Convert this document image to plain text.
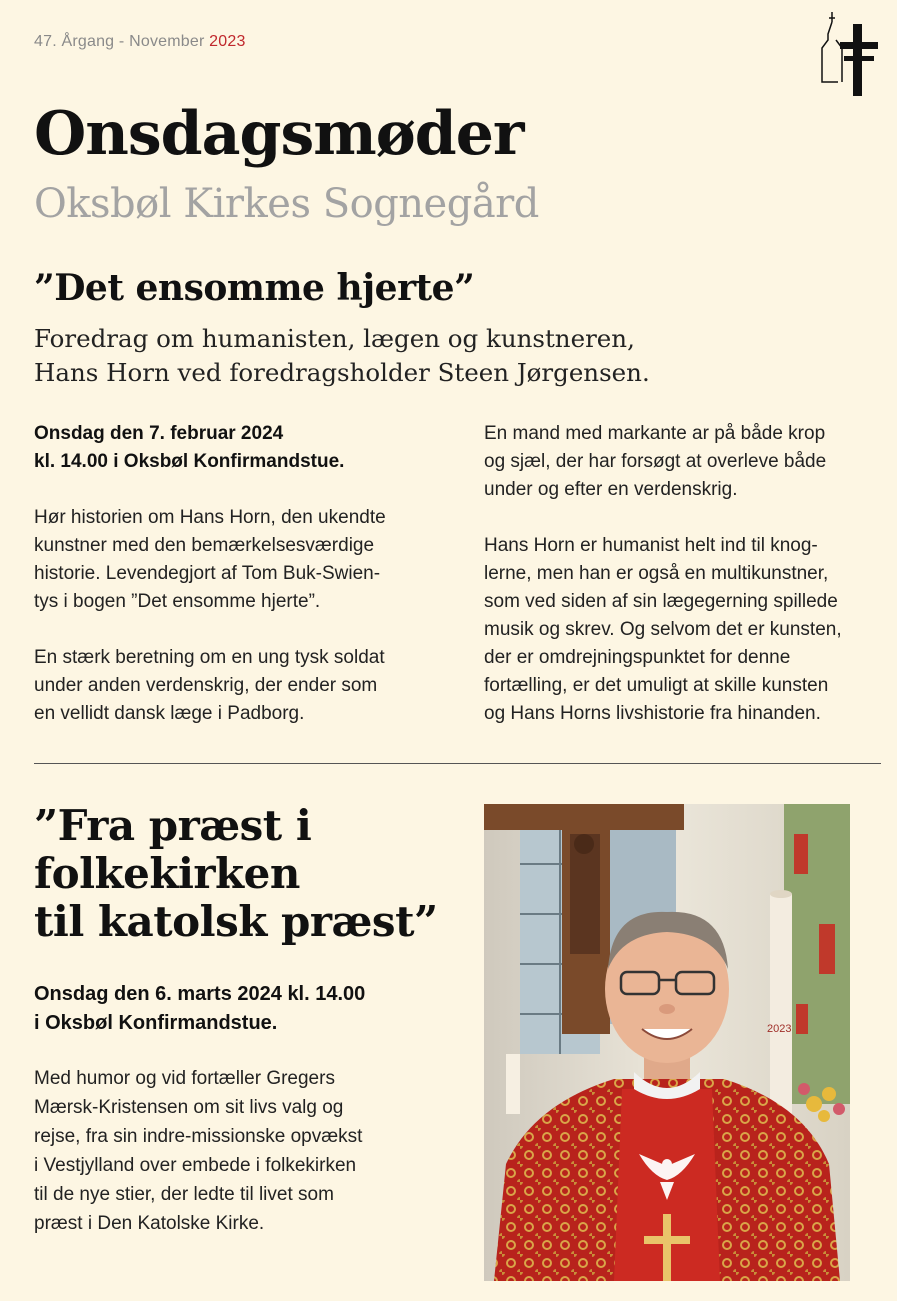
47. Årgang - November 2023
Onsdagsmøder
Oksbøl Kirkes Sognegård
”Det ensomme hjerte”
Foredrag om humanisten, lægen og kunstneren,
Hans Horn ved foredragsholder Steen Jørgensen.

Onsdag den 7. februar 2024
kl. 14.00 i Oksbøl Konfirmandstue.

Hør historien om Hans Horn, den ukendte
kunstner med den bemærkelsesværdige
historie. Levendegjort af Tom Buk-Swien-
tys i bogen ”Det ensomme hjerte”.

En stærk beretning om en ung tysk soldat
under anden verdenskrig, der ender som
en vellidt dansk læge i Padborg.

En mand med markante ar på både krop
og sjæl, der har forsøgt at overleve både
under og efter en verdenskrig.

Hans Horn er humanist helt ind til knog-
lerne, men han er også en multikunstner,
som ved siden af sin lægegerning spillede
musik og skrev. Og selvom det er kunsten,
der er omdrejningspunktet for denne
fortælling, er det umuligt at skille kunsten
og Hans Horns livshistorie fra hinanden.

”Fra præst i
folkekirken
til katolsk præst”
Onsdag den 6. marts 2024 kl. 14.00
i Oksbøl Konfirmandstue.
Med humor og vid fortæller Gregers
Mærsk-Kristensen om sit livs valg og
rejse, fra sin indre-missionske opvækst
i Vestjylland over embede i folkekirken
til de nye stier, der ledte til livet som
præst i Den Katolske Kirke.
2023
